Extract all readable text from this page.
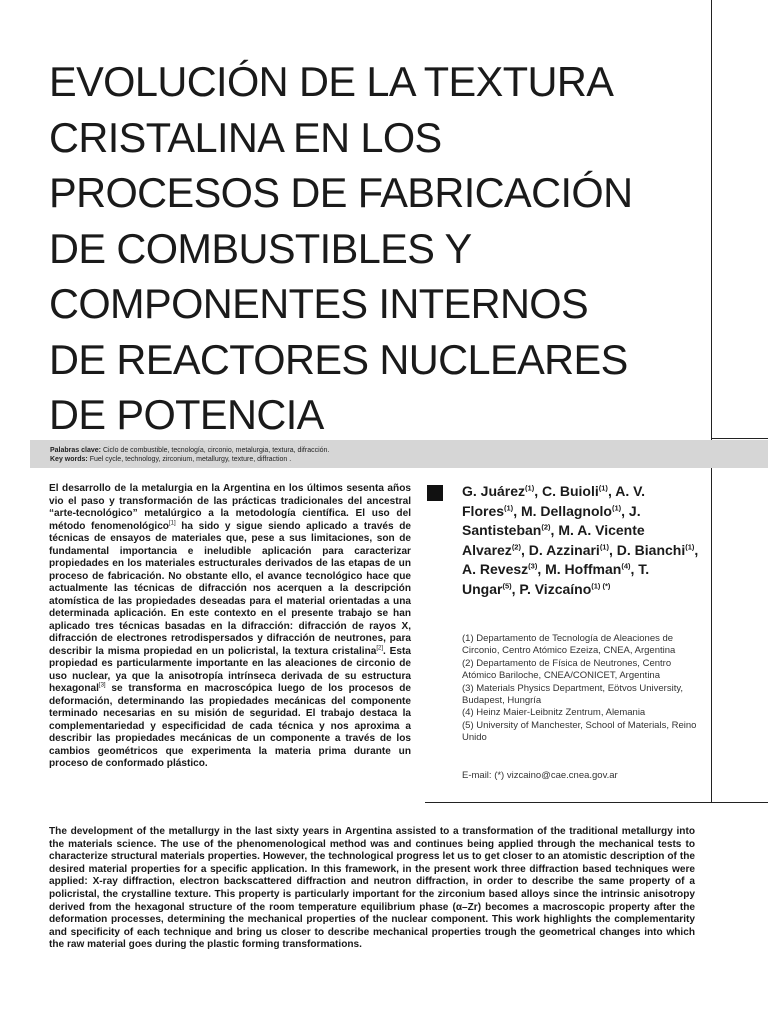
EVOLUCIÓN DE LA TEXTURA
CRISTALINA EN LOS
PROCESOS DE FABRICACIÓN
DE COMBUSTIBLES Y
COMPONENTES INTERNOS
DE REACTORES NUCLEARES
DE POTENCIA
Palabras clave: Ciclo de combustible, tecnología, circonio, metalurgia, textura, difracción.
Key words: Fuel cycle, technology, zirconium, metallurgy, texture, diffraction .
El desarrollo de la metalurgia en la Argentina en los últimos sesenta años vio el paso y transformación de las prácticas tradicionales del ancestral “arte-tecnológico” metalúrgico a la metodología científica. El uso del método fenomenológico[1] ha sido y sigue siendo aplicado a través de técnicas de ensayos de materiales que, pese a sus limitaciones, son de fundamental importancia e ineludible aplicación para caracterizar propiedades en los materiales estructurales derivados de las etapas de un proceso de fabricación. No obstante ello, el avance tecnológico hace que actualmente las técnicas de difracción nos acerquen a la descripción atomística de las propiedades deseadas para el material orientadas a una determinada aplicación. En este contexto en el presente trabajo se han aplicado tres técnicas basadas en la difracción: difracción de rayos X, difracción de electrones retrodispersados y difracción de neutrones, para describir la misma propiedad en un policristal, la textura cristalina[2]. Esta propiedad es particularmente importante en las aleaciones de circonio de uso nuclear, ya que la anisotropía intrínseca derivada de su estructura hexagonal[3] se transforma en macroscópica luego de los procesos de deformación, determinando las propiedades mecánicas del componente terminado necesarias en su misión de seguridad. El trabajo destaca la complementariedad y especificidad de cada técnica y nos aproxima a describir las propiedades mecánicas de un componente a través de los cambios geométricos que experimenta la materia prima durante un proceso de conformado plástico.
G. Juárez$^{(1)}$, C. Buioli$^{(1)}$, A. V. Flores$^{(1)}$, M. Dellagnolo$^{(1)}$, J. Santisteban$^{(2)}$, M. A. Vicente Alvarez$^{(2)}$, D. Azzinari$^{(1)}$, D. Bianchi$^{(1)}$, A. Revesz$^{(3)}$, M. Hoffman$^{(4)}$, T. Ungar$^{(5)}$, P. Vizcaíno$^{(1) (*)}$
(1) Departamento de Tecnología de Aleaciones de Circonio, Centro Atómico Ezeiza, CNEA, Argentina
(2) Departamento de Física de Neutrones, Centro Atómico Bariloche, CNEA/CONICET, Argentina
(3) Materials Physics Department, Eötvos University, Budapest, Hungría
(4) Heinz Maier-Leibnitz Zentrum, Alemania
(5) University of Manchester, School of Materials, Reino Unido
E-mail: (*) vizcaino@cae.cnea.gov.ar
The development of the metallurgy in the last sixty years in Argentina assisted to a transformation of the traditional metallurgy into the materials science. The use of the phenomenological method was and continues being applied through the mechanical tests to characterize structural materials properties. However, the technological progress let us to get closer to an atomistic description of the desired material properties for a specific application. In this framework, in the present work three diffraction based techniques were applied: X-ray diffraction, electron backscattered diffraction and neutron diffraction, in order to describe the same property of a policristal, the crystalline texture. This property is particularly important for the zirconium based alloys since the intrinsic anisotropy derived from the hexagonal structure of the room temperature equilibrium phase (α–Zr) becomes a macroscopic property after the deformation processes, determining the mechanical properties of the nuclear component. This work highlights the complementarity and specificity of each technique and bring us closer to describe mechanical properties trough the geometrical changes into which the raw material goes during the plastic forming transformations.
